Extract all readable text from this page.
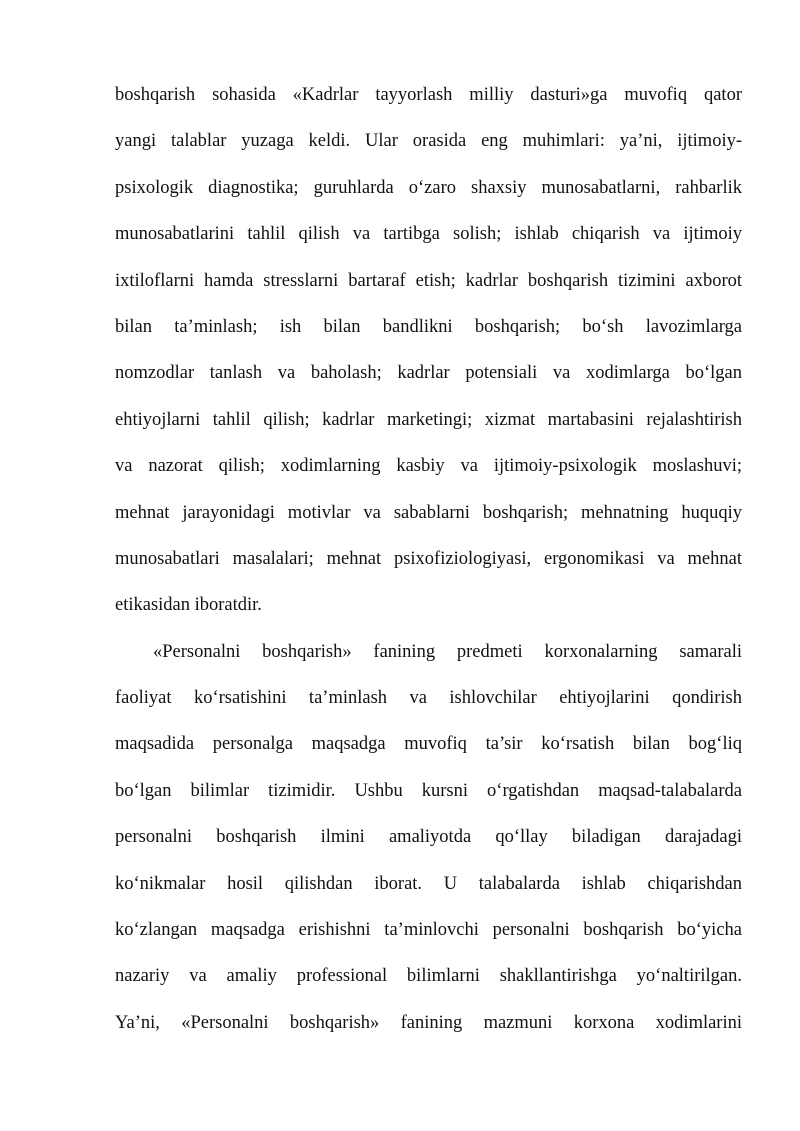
boshqarish sohasida «Kadrlar tayyorlash milliy dasturi»ga muvofiq qator
yangi talablar yuzaga keldi. Ular orasida eng muhimlari: ya’ni, ijtimoiy-
psixologik diagnostika; guruhlarda o‘zaro shaxsiy munosabatlarni, rahbarlik
munosabatlarini tahlil qilish va tartibga solish; ishlab chiqarish va ijtimoiy
ixtiloflarni hamda stresslarni bartaraf etish; kadrlar boshqarish tizimini axborot
bilan ta’minlash; ish bilan bandlikni boshqarish; bo‘sh lavozimlarga
nomzodlar tanlash va baholash; kadrlar potensiali va xodimlarga bo‘lgan
ehtiyojlarni tahlil qilish; kadrlar marketingi; xizmat martabasini rejalashtirish
va nazorat qilish; xodimlarning kasbiy va ijtimoiy-psixologik moslashuvi;
mehnat jarayonidagi motivlar va sabablarni boshqarish; mehnatning huquqiy
munosabatlari masalalari; mehnat psixofiziologiyasi, ergonomikasi va mehnat
etikasidan iboratdir.
«Personalni boshqarish» fanining predmeti korxonalarning samarali
faoliyat ko‘rsatishini ta’minlash va ishlovchilar ehtiyojlarini qondirish
maqsadida personalga maqsadga muvofiq ta’sir ko‘rsatish bilan bog‘liq
bo‘lgan bilimlar tizimidir. Ushbu kursni o‘rgatishdan maqsad-talabalarda
personalni boshqarish ilmini amaliyotda qo‘llay biladigan darajadagi
ko‘nikmalar hosil qilishdan iborat. U talabalarda ishlab chiqarishdan
ko‘zlangan maqsadga erishishni ta’minlovchi personalni boshqarish bo‘yicha
nazariy va amaliy professional bilimlarni shakllantirishga yo‘naltirilgan.
Ya’ni, «Personalni boshqarish» fanining mazmuni korxona xodimlarini
